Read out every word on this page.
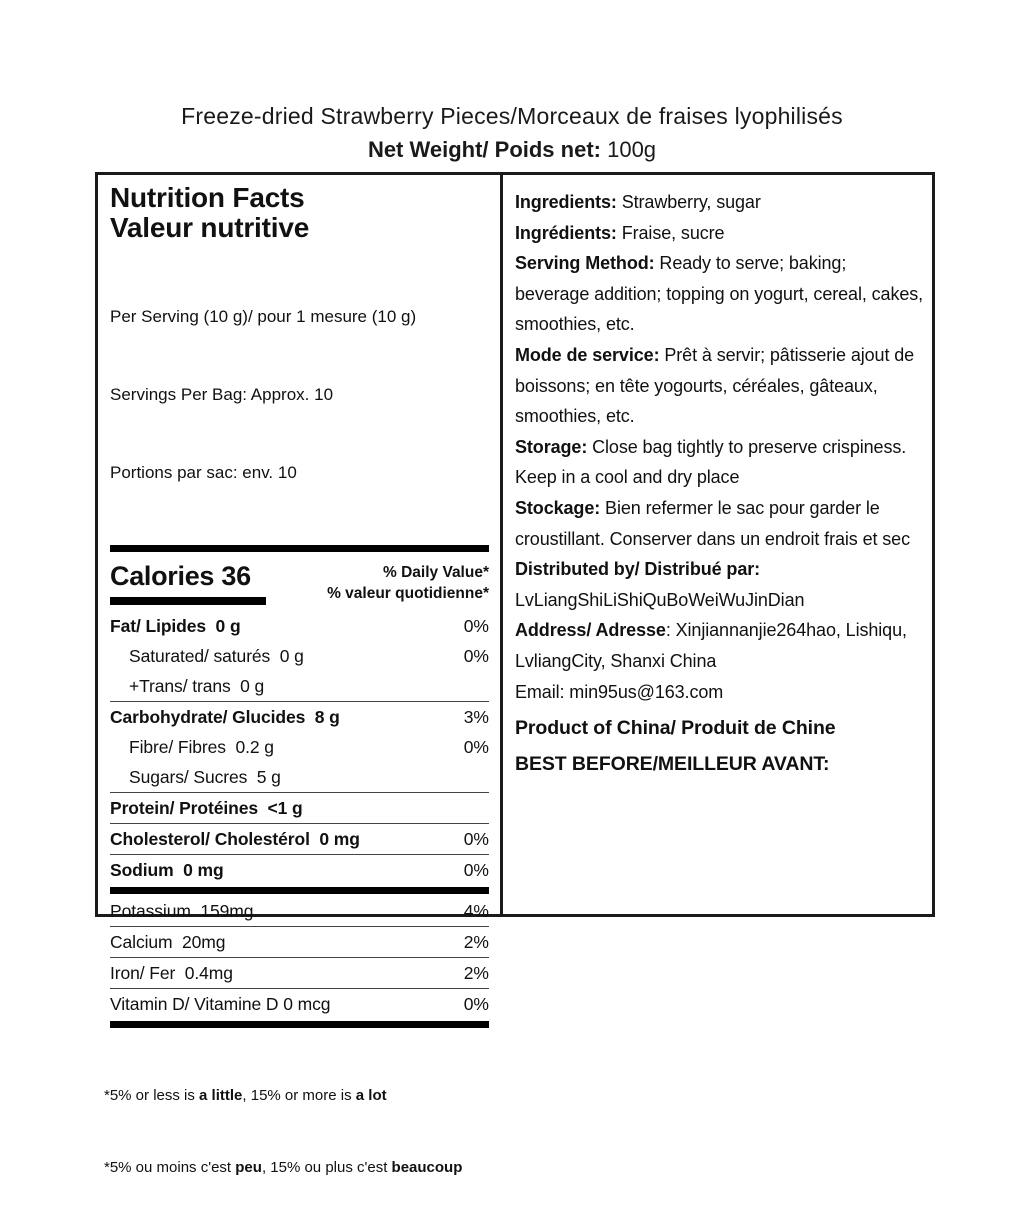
Freeze-dried Strawberry Pieces/Morceaux de fraises lyophilisés
Net Weight/ Poids net: 100g
Nutrition Facts
Valeur nutritive

Per Serving (10 g)/ pour 1 mesure (10 g)

Servings Per Bag: Approx. 10

Portions par sac: env. 10

Calories 36	% Daily Value*
% valeur quotidienne*
Fat/ Lipides  0 g	0%
Saturated/ saturés  0 g	0%
+Trans/ trans  0 g
Carbohydrate/ Glucides  8 g	3%
Fibre/ Fibres  0.2 g	0%
Sugars/ Sucres  5 g
Protein/ Protéines  <1 g
Cholesterol/ Cholestérol  0 mg	0%
Sodium  0 mg	0%
Potassium  159mg	4%
Calcium  20mg	2%
Iron/ Fer  0.4mg	2%
Vitamin D/ Vitamine D 0 mcg	0%

*5% or less is a little, 15% or more is a lot

*5% ou moins c'est peu, 15% ou plus c'est beaucoup

Ingredients: Strawberry, sugar

Ingrédients: Fraise, sucre

Serving Method: Ready to serve; baking; beverage addition; topping on yogurt, cereal, cakes, smoothies, etc.

Mode de service: Prêt à servir; pâtisserie ajout de boissons; en tête yogourts, céréales, gâteaux, smoothies, etc.

Storage: Close bag tightly to preserve crispiness. Keep in a cool and dry place

Stockage: Bien refermer le sac pour garder le croustillant. Conserver dans un endroit frais et sec

Distributed by/ Distribué par:

LvLiangShiLiShiQuBoWeiWuJinDian

Address/ Adresse: Xinjiannanjie264hao, Lishiqu, LvliangCity, Shanxi China

Email: min95us@163.com

Product of China/ Produit de Chine

BEST BEFORE/MEILLEUR AVANT:
